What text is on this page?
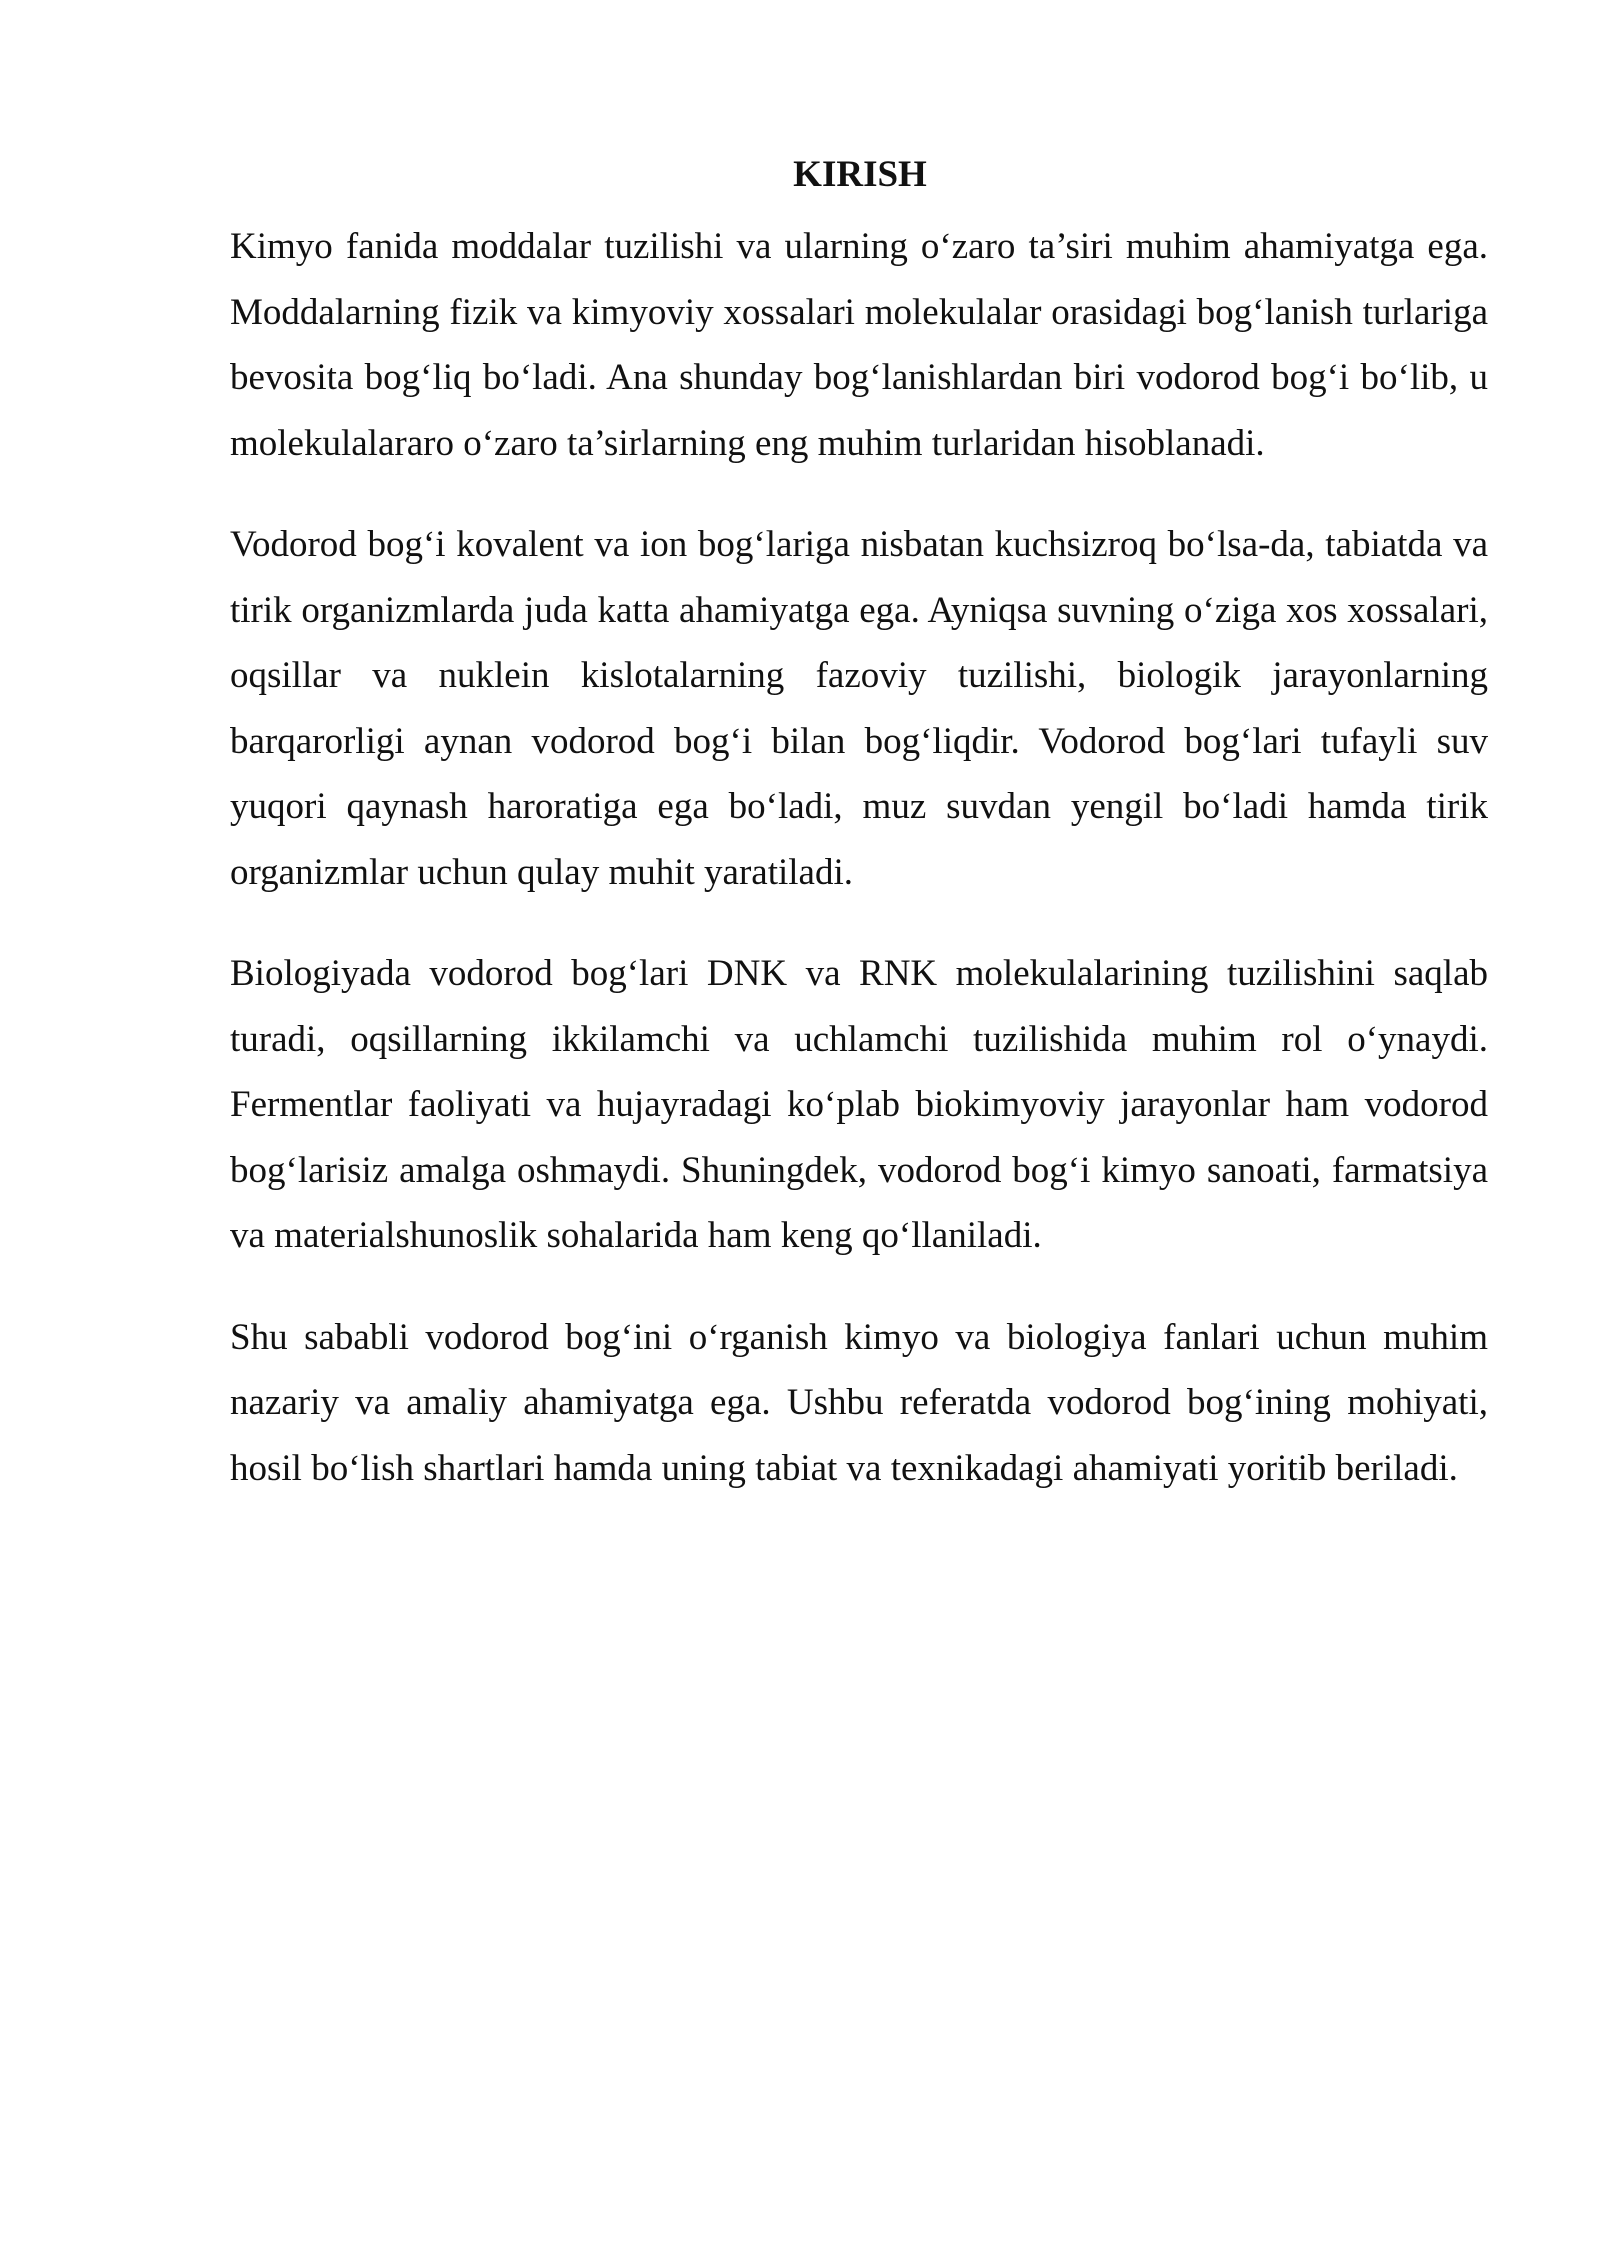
KIRISH

Kimyo fanida moddalar tuzilishi va ularning o‘zaro ta’siri muhim ahamiyatga ega. Moddalarning fizik va kimyoviy xossalari molekulalar orasidagi bog‘lanish turlariga bevosita bog‘liq bo‘ladi. Ana shunday bog‘lanishlardan biri vodorod bog‘i bo‘lib, u molekulalararo o‘zaro ta’sirlarning eng muhim turlaridan hisoblanadi.

Vodorod bog‘i kovalent va ion bog‘lariga nisbatan kuchsizroq bo‘lsa-da, tabiatda va tirik organizmlarda juda katta ahamiyatga ega. Ayniqsa suvning o‘ziga xos xossalari, oqsillar va nuklein kislotalarning fazoviy tuzilishi, biologik jarayonlarning barqarorligi aynan vodorod bog‘i bilan bog‘liqdir. Vodorod bog‘lari tufayli suv yuqori qaynash haroratiga ega bo‘ladi, muz suvdan yengil bo‘ladi hamda tirik organizmlar uchun qulay muhit yaratiladi.

Biologiyada vodorod bog‘lari DNK va RNK molekulalarining tuzilishini saqlab turadi, oqsillarning ikkilamchi va uchlamchi tuzilishida muhim rol o‘ynaydi. Fermentlar faoliyati va hujayradagi ko‘plab biokimyoviy jarayonlar ham vodorod bog‘larisiz amalga oshmaydi. Shuningdek, vodorod bog‘i kimyo sanoati, farmatsiya va materialshunoslik sohalarida ham keng qo‘llaniladi.

Shu sababli vodorod bog‘ini o‘rganish kimyo va biologiya fanlari uchun muhim nazariy va amaliy ahamiyatga ega. Ushbu referatda vodorod bog‘ining mohiyati, hosil bo‘lish shartlari hamda uning tabiat va texnikadagi ahamiyati yoritib beriladi.
